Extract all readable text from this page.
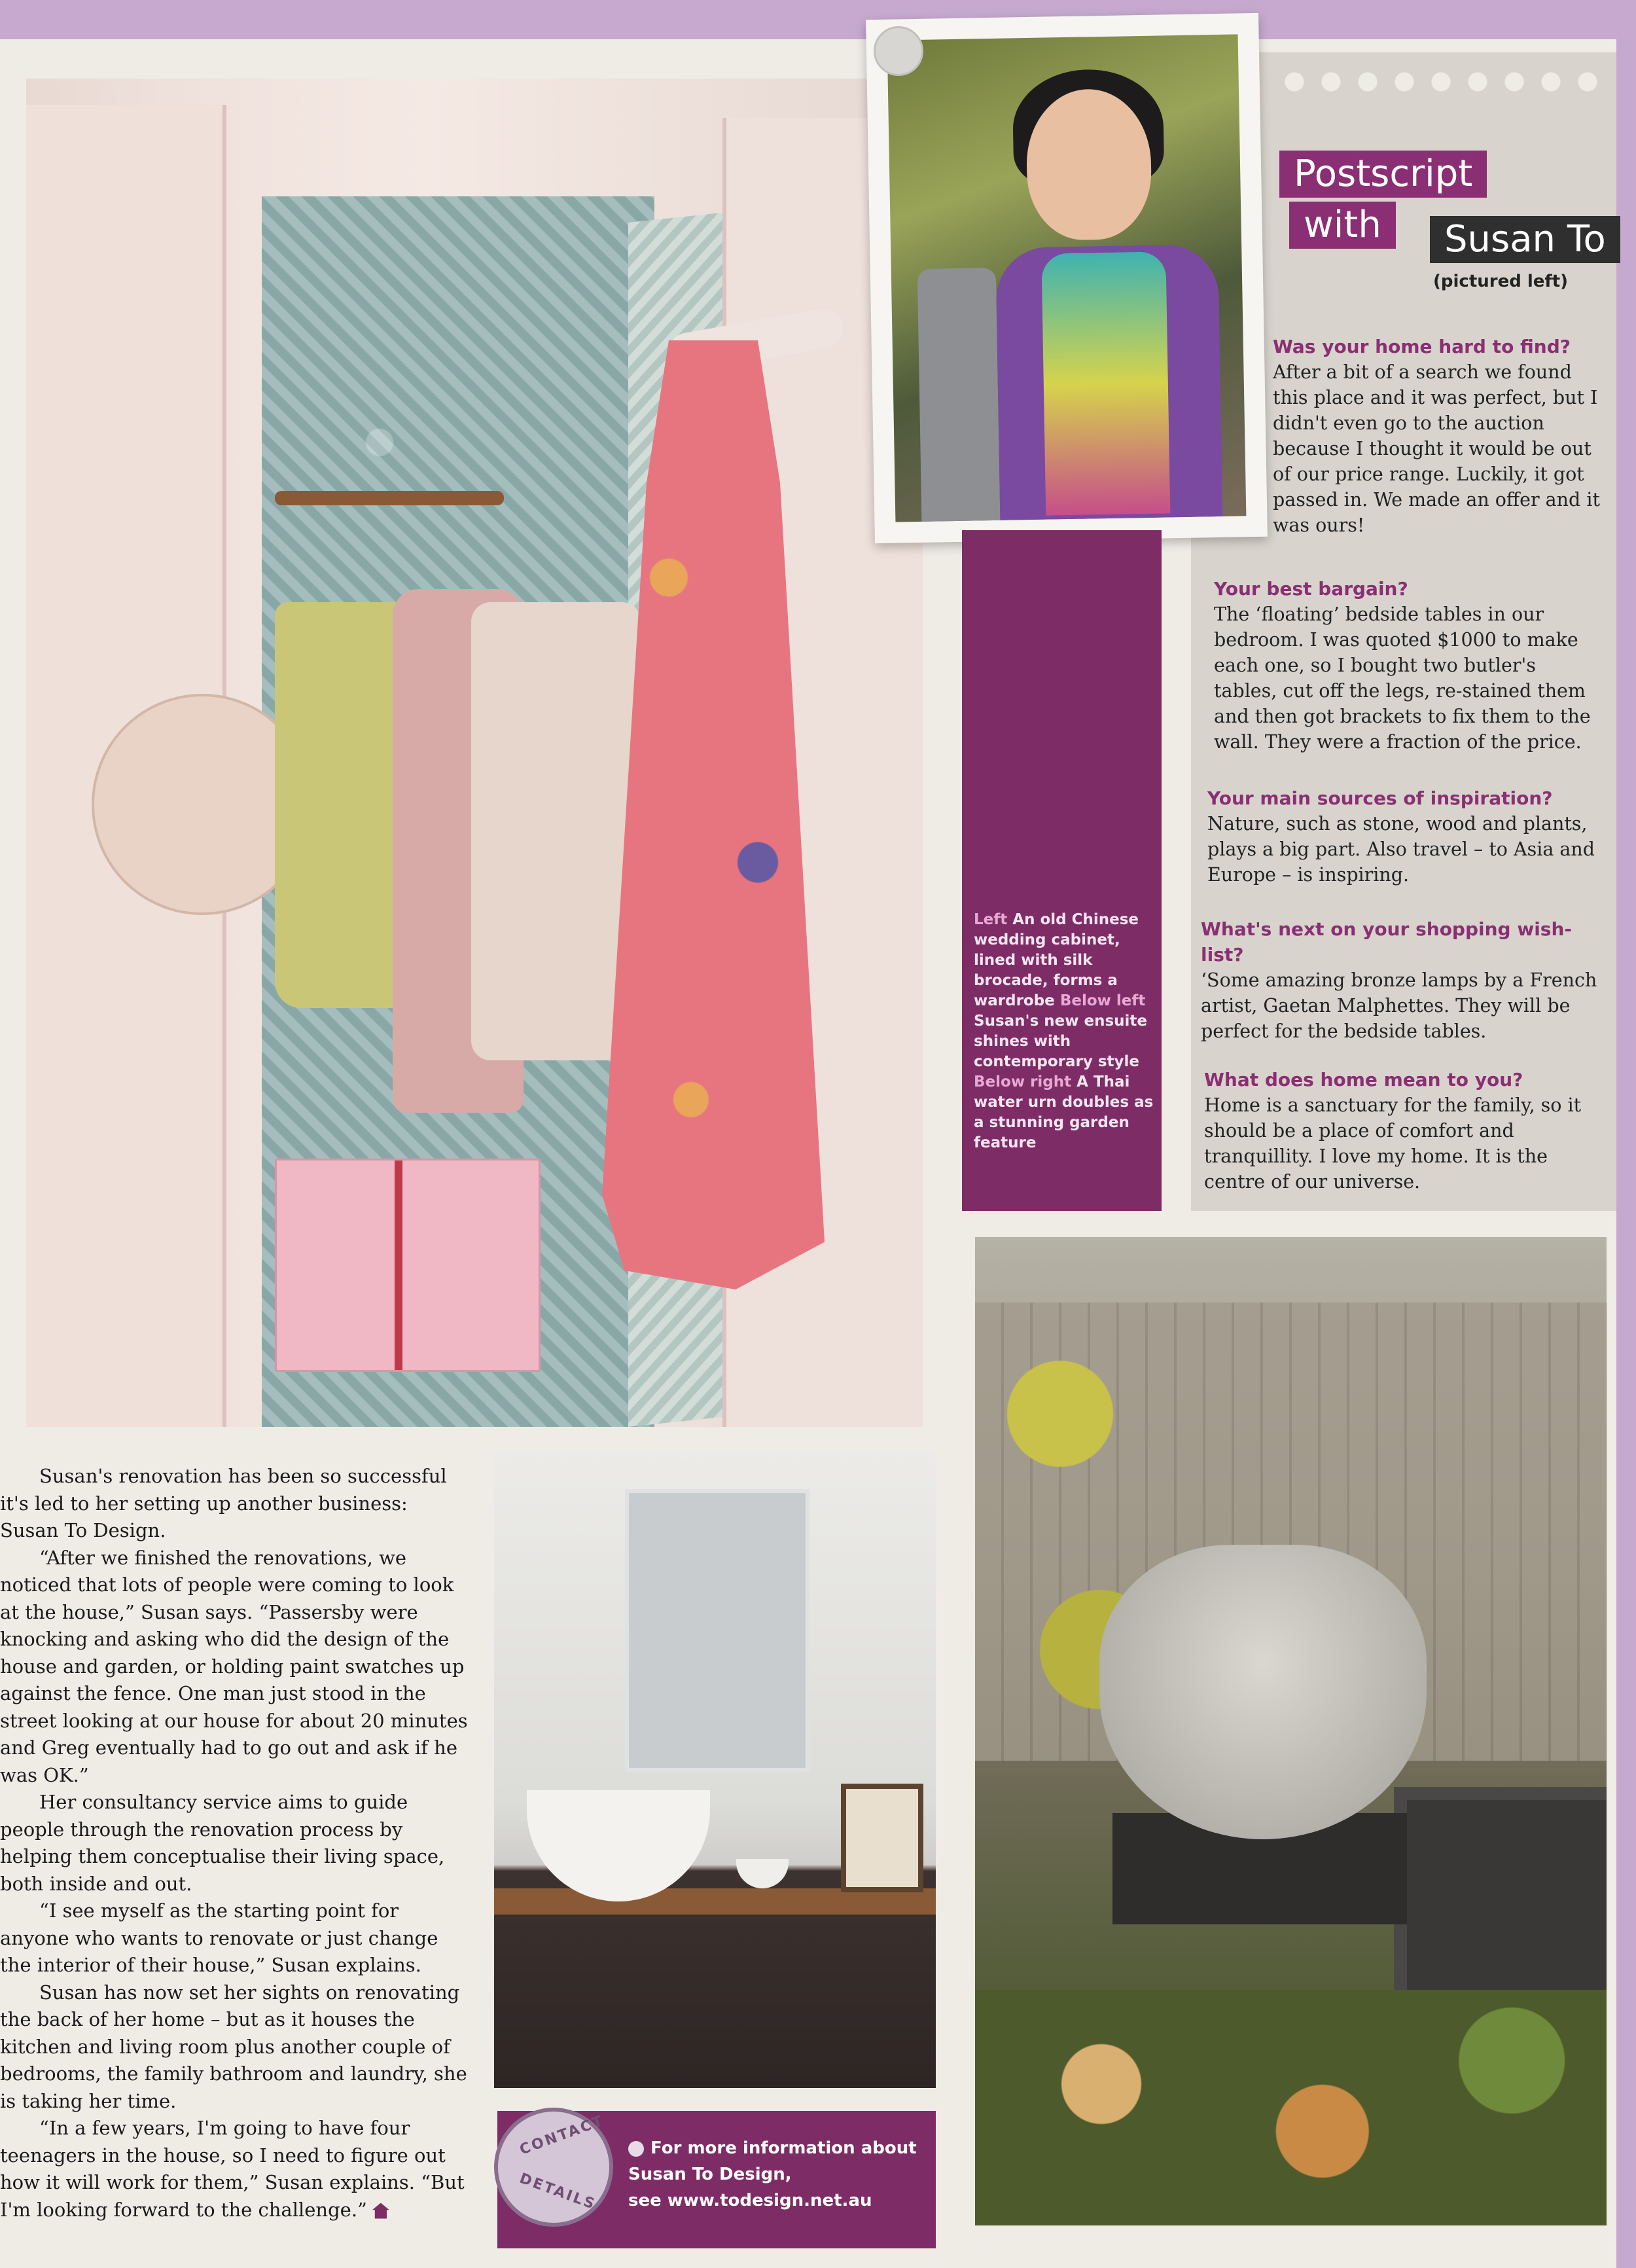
Postscript
with	Susan To
(pictured left)
Was your home hard to find?

After a bit of a search we found this place and it was perfect, but I didn't even go to the auction because I thought it would be out of our price range. Luckily, it got passed in. We made an offer and it was ours!

Your best bargain?

The ‘floating’ bedside tables in our bedroom. I was quoted $1000 to make each one, so I bought two butler's tables, cut off the legs, re-stained them and then got brackets to fix them to the wall. They were a fraction of the price.

Your main sources of inspiration?

Nature, such as stone, wood and plants, plays a big part. Also travel – to Asia and Europe – is inspiring.

What's next on your shopping wish-list?

‘Some amazing bronze lamps by a French artist, Gaetan Malphettes. They will be perfect for the bedside tables.

What does home mean to you?

Home is a sanctuary for the family, so it should be a place of comfort and tranquillity. I love my home. It is the centre of our universe.

Left An old Chinese wedding cabinet, lined with silk brocade, forms a wardrobe Below left Susan's new ensuite shines with contemporary style Below right A Thai water urn doubles as a stunning garden feature

Susan's renovation has been so successful it's led to her setting up another business: Susan To Design.

“After we finished the renovations, we noticed that lots of people were coming to look at the house,” Susan says. “Passersby were knocking and asking who did the design of the house and garden, or holding paint swatches up against the fence. One man just stood in the street looking at our house for about 20 minutes and Greg eventually had to go out and ask if he was OK.”

Her consultancy service aims to guide people through the renovation process by helping them conceptualise their living space, both inside and out.

“I see myself as the starting point for anyone who wants to renovate or just change the interior of their house,” Susan explains.

Susan has now set her sights on renovating the back of her home – but as it houses the kitchen and living room plus another couple of bedrooms, the family bathroom and laundry, she is taking her time.

“In a few years, I'm going to have four teenagers in the house, so I need to figure out how it will work for them,” Susan explains. “But I'm looking forward to the challenge.”

CONTACT
DETAILS
For more information about Susan To Design,
see www.todesign.net.au
